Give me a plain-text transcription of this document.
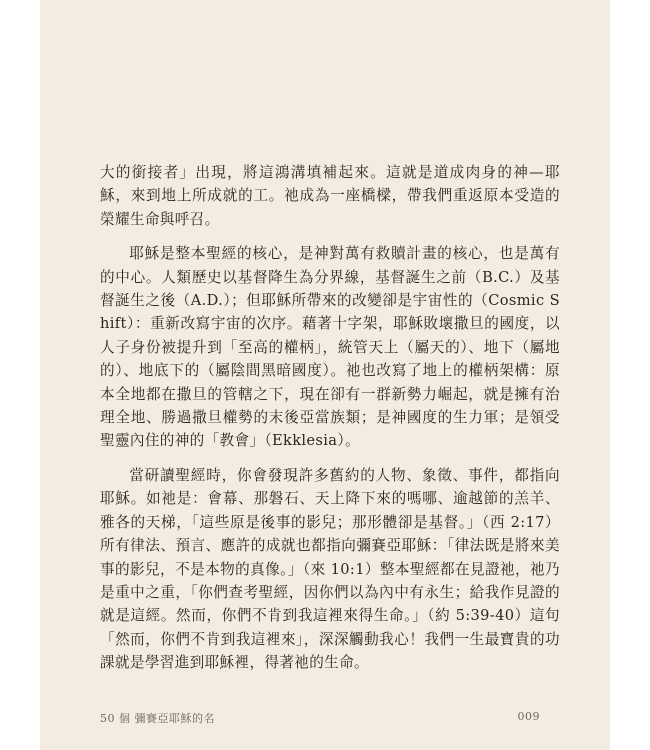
大的銜接者」出現，將這鴻溝填補起來。這就是道成肉身的神—耶穌，來到地上所成就的工。祂成為一座橋樑，帶我們重返原本受造的榮耀生命與呼召。

耶穌是整本聖經的核心，是神對萬有救贖計畫的核心，也是萬有的中心。人類歷史以基督降生為分界線，基督誕生之前（B.C.）及基督誕生之後（A.D.）；但耶穌所帶來的改變卻是宇宙性的（Cosmic Shift）：重新改寫宇宙的次序。藉著十字架，耶穌敗壞撒旦的國度，以人子身份被提升到「至高的權柄」，統管天上（屬天的）、地下（屬地的）、地底下的（屬陰間黑暗國度）。祂也改寫了地上的權柄架構：原本全地都在撒旦的管轄之下，現在卻有一群新勢力崛起，就是擁有治理全地、勝過撒旦權勢的末後亞當族類；是神國度的生力軍；是領受聖靈內住的神的「教會」（Ekklesia）。

當研讀聖經時，你會發現許多舊約的人物、象徵、事件，都指向耶穌。如祂是：會幕、那磐石、天上降下來的嗎哪、逾越節的羔羊、雅各的天梯，「這些原是後事的影兒；那形體卻是基督。」（西 2:17）所有律法、預言、應許的成就也都指向彌賽亞耶穌：「律法既是將來美事的影兒，不是本物的真像。」（來 10:1）整本聖經都在見證祂，祂乃是重中之重，「你們查考聖經，因你們以為內中有永生；給我作見證的就是這經。然而，你們不肯到我這裡來得生命。」（約 5:39-40）這句「然而，你們不肯到我這裡來」，深深觸動我心！我們一生最寶貴的功課就是學習進到耶穌裡，得著祂的生命。

50 個 彌賽亞耶穌的名	009
